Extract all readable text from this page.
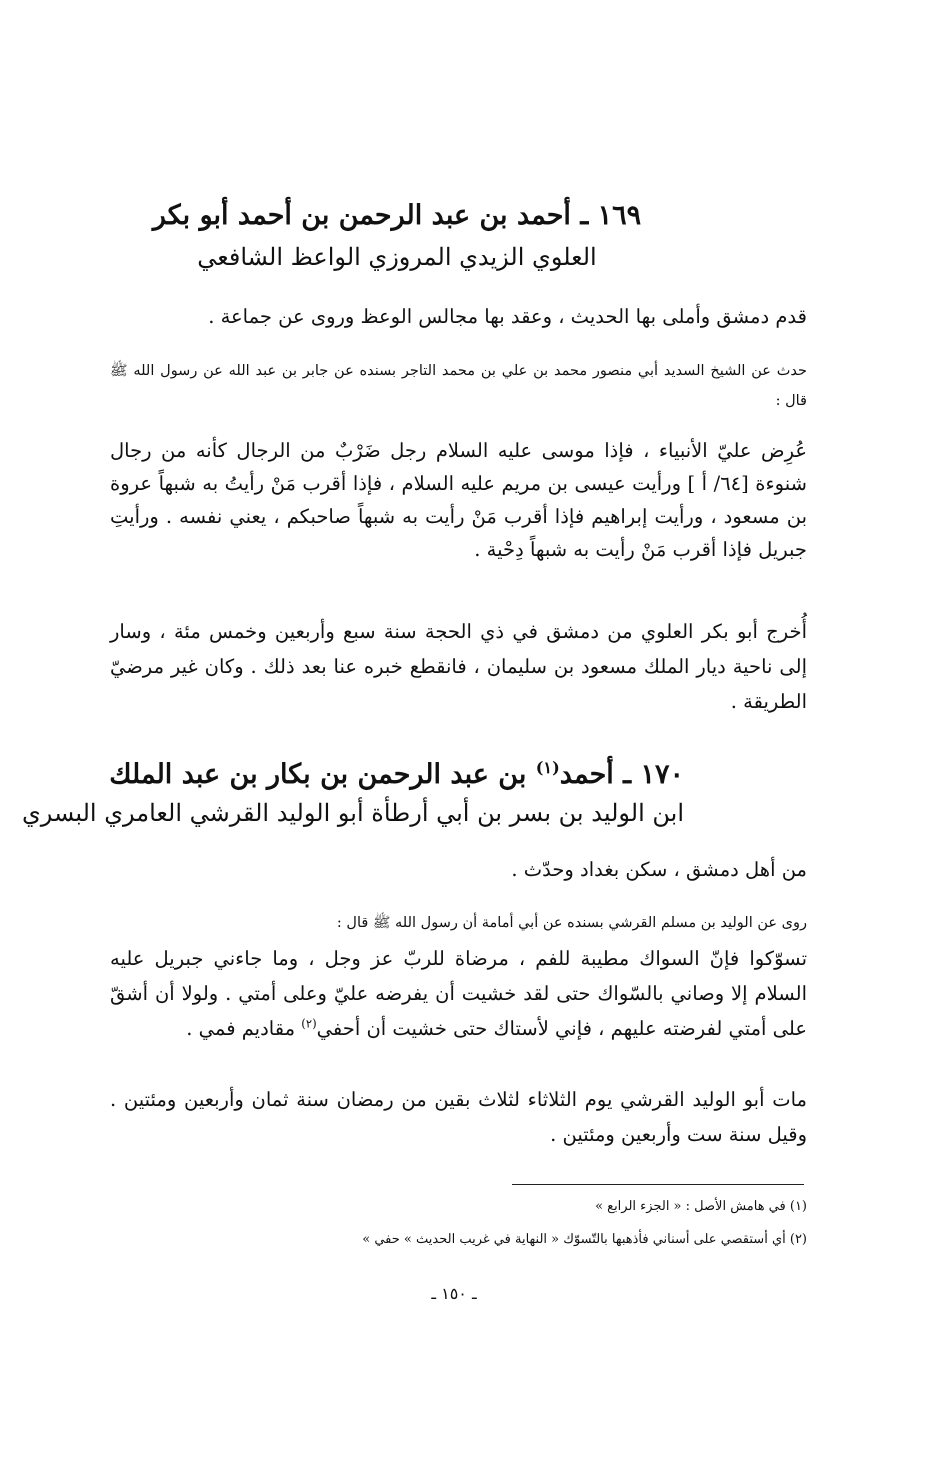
١٦٩ ـ أحمد بن عبد الرحمن بن أحمد أبو بكر
العلوي الزيدي المروزي الواعظ الشافعي
قدم دمشق وأملى بها الحديث ، وعقد بها مجالس الوعظ وروى عن جماعة .
حدث عن الشيخ السديد أبي منصور محمد بن علي بن محمد التاجر بسنده عن جابر بن عبد الله عن رسول الله ﷺ قال :
عُرِض عليّ الأنبياء ، فإذا موسى عليه السلام رجل ضَرْبٌ من الرجال كأنه من رجال شنوءة [٦٤/ أ ] ورأيت عيسى بن مريم عليه السلام ، فإذا أقرب مَنْ رأيتُ به شبهاً عروة بن مسعود ، ورأيت إبراهيم فإذا أقرب مَنْ رأيت به شبهاً صاحبكم ، يعني نفسه . ورأيتِ جبريل فإذا أقرب مَنْ رأيت به شبهاً دِحْية .
أُخرج أبو بكر العلوي من دمشق في ذي الحجة سنة سبع وأربعين وخمس مئة ، وسار إلى ناحية ديار الملك مسعود بن سليمان ، فانقطع خبره عنا بعد ذلك . وكان غير مرضيّ الطريقة .
١٧٠ ـ أحمد$^{(١)}$ بن عبد الرحمن بن بكار بن عبد الملك
ابن الوليد بن بسر بن أبي أرطأة أبو الوليد القرشي العامري البسري
من أهل دمشق ، سكن بغداد وحدّث .
روى عن الوليد بن مسلم القرشي بسنده عن أبي أمامة أن رسول الله ﷺ قال :
تسوّكوا فإنّ السواك مطيبة للفم ، مرضاة للربّ عز وجل ، وما جاءني جبريل عليه السلام إلا وصاني بالسّواك حتى لقد خشيت أن يفرضه عليّ وعلى أمتي . ولولا أن أشقّ على أمتي لفرضته عليهم ، فإني لأستاك حتى خشيت أن أحفي$^{(٢)}$ مقاديم فمي .
مات أبو الوليد القرشي يوم الثلاثاء لثلاث بقين من رمضان سنة ثمان وأربعين ومئتين . وقيل سنة ست وأربعين ومئتين .
(١) في هامش الأصل : « الجزء الرابع »
(٢) أي أستقصي على أسناني فأذهبها بالتّسوّك « النهاية في غريب الحديث » حفي »
ـ ١٥٠ ـ
